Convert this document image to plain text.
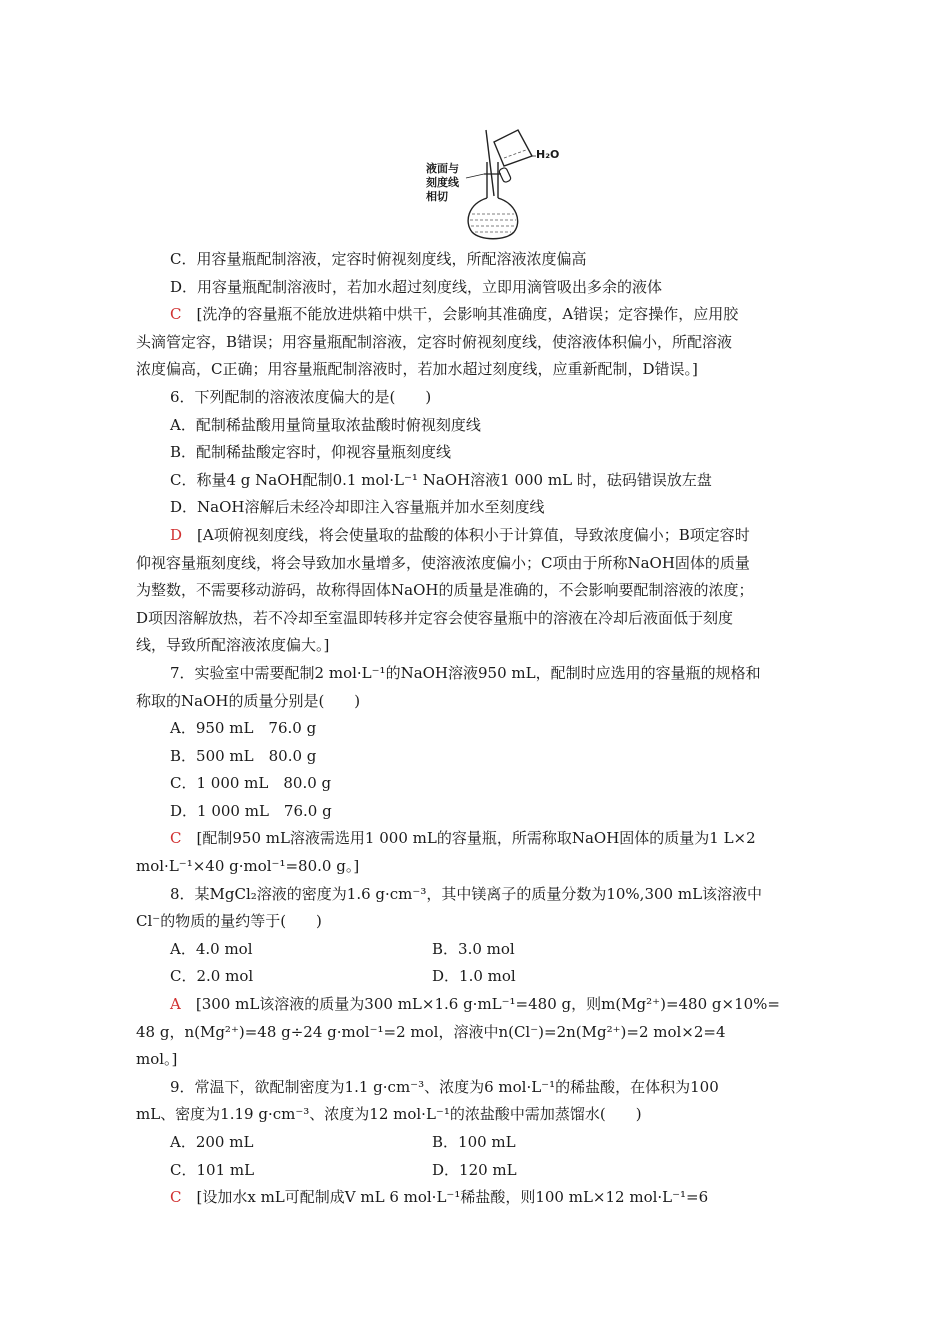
液面与
刻度线
相切
H₂O
C．用容量瓶配制溶液，定容时俯视刻度线，所配溶液浓度偏高
D．用容量瓶配制溶液时，若加水超过刻度线，立即用滴管吸出多余的液体
C　 [洗净的容量瓶不能放进烘箱中烘干，会影响其准确度，A错误；定容操作，应用胶
头滴管定容，B错误；用容量瓶配制溶液，定容时俯视刻度线，使溶液体积偏小，所配溶液
浓度偏高，C正确；用容量瓶配制溶液时，若加水超过刻度线，应重新配制，D错误。]
6．下列配制的溶液浓度偏大的是(　　)
A．配制稀盐酸用量筒量取浓盐酸时俯视刻度线
B．配制稀盐酸定容时，仰视容量瓶刻度线
C．称量4 g NaOH配制0.1 mol·L⁻¹ NaOH溶液1 000 mL 时，砝码错误放左盘
D．NaOH溶解后未经冷却即注入容量瓶并加水至刻度线
D　 [A项俯视刻度线，将会使量取的盐酸的体积小于计算值，导致浓度偏小；B项定容时
仰视容量瓶刻度线，将会导致加水量增多，使溶液浓度偏小；C项由于所称NaOH固体的质量
为整数，不需要移动游码，故称得固体NaOH的质量是准确的，不会影响要配制溶液的浓度；
D项因溶解放热，若不冷却至室温即转移并定容会使容量瓶中的溶液在冷却后液面低于刻度
线，导致所配溶液浓度偏大。]
7．实验室中需要配制2 mol·L⁻¹的NaOH溶液950 mL，配制时应选用的容量瓶的规格和
称取的NaOH的质量分别是(　　)
A．950 mL　76.0 g
B．500 mL　80.0 g
C．1 000 mL　80.0 g
D．1 000 mL　76.0 g
C　 [配制950 mL溶液需选用1 000 mL的容量瓶，所需称取NaOH固体的质量为1 L×2
mol·L⁻¹×40 g·mol⁻¹=80.0 g。]
8．某MgCl₂溶液的密度为1.6 g·cm⁻³，其中镁离子的质量分数为10%,300 mL该溶液中
Cl⁻的物质的量约等于(　　)
A．4.0 mol	B．3.0 mol
C．2.0 mol	D．1.0 mol
A　 [300 mL该溶液的质量为300 mL×1.6 g·mL⁻¹=480 g，则m(Mg²⁺)=480 g×10%=
48 g，n(Mg²⁺)=48 g÷24 g·mol⁻¹=2 mol，溶液中n(Cl⁻)=2n(Mg²⁺)=2 mol×2=4
mol。]
9．常温下，欲配制密度为1.1 g·cm⁻³、浓度为6 mol·L⁻¹的稀盐酸，在体积为100
mL、密度为1.19 g·cm⁻³、浓度为12 mol·L⁻¹的浓盐酸中需加蒸馏水(　　)
A．200 mL	B．100 mL
C．101 mL	D．120 mL
C　 [设加水x mL可配制成V mL 6 mol·L⁻¹稀盐酸，则100 mL×12 mol·L⁻¹=6
